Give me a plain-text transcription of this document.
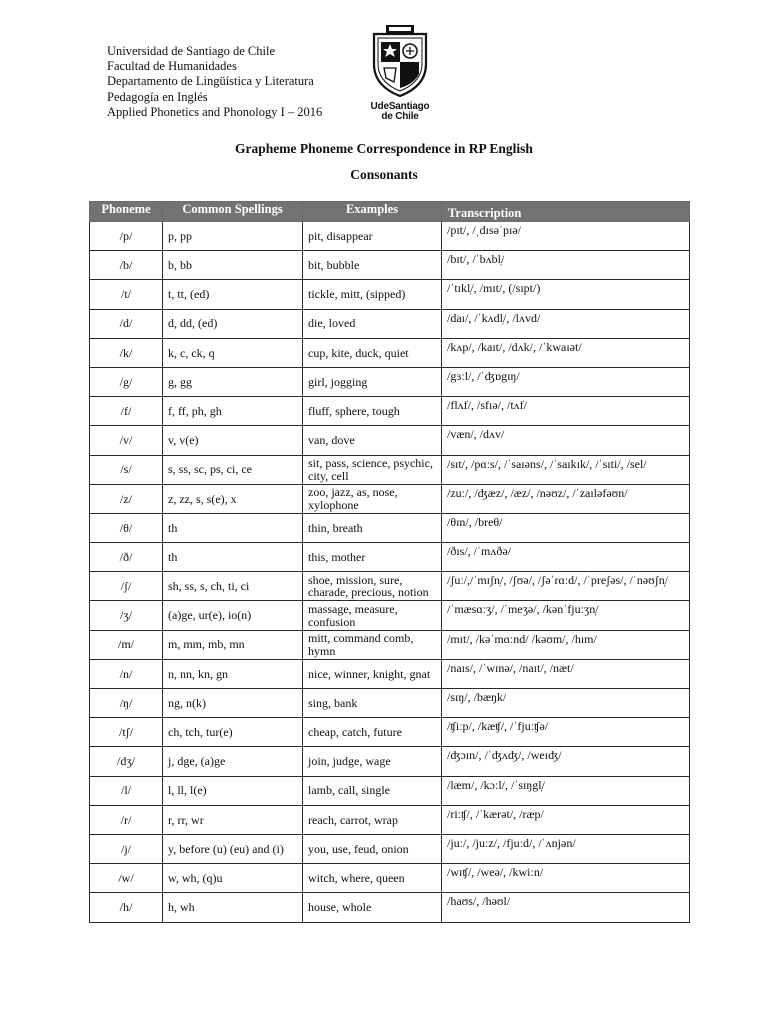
Universidad de Santiago de Chile
Facultad de Humanidades
Departamento de Lingüística y Literatura
Pedagogía en Inglés
Applied Phonetics and Phonology I – 2016	UdeSantiago
de Chile
Grapheme Phoneme Correspondence in RP English
Consonants
Phoneme	Common Spellings	Examples	Transcription
/p/	p, pp	pit, disappear	/pɪt/, /ˌdɪsəˈpɪə/
/b/	b, bb	bit, bubble	/bɪt/, /ˈbʌbl̩/
/t/	t, tt, (ed)	tickle, mitt, (sipped)	/ˈtɪkl̩/, /mɪt/, (/sɪpt/)
/d/	d, dd, (ed)	die, loved	/daɪ/, /ˈkʌdl̩/, /lʌvd/
/k/	k, c, ck, q	cup, kite, duck, quiet	/kʌp/, /kaɪt/, /dʌk/, /ˈkwaɪət/
/g/	g, gg	girl, jogging	/gɜːl/, /ˈʤɒgɪŋ/
/f/	f, ff, ph, gh	fluff, sphere, tough	/flʌf/, /sfɪə/, /tʌf/
/v/	v, v(e)	van, dove	/væn/, /dʌv/
/s/	s, ss, sc, ps, ci, ce	sit, pass, science, psychic, city, cell	/sɪt/, /pɑːs/, /ˈsaɪəns/, /ˈsaɪkɪk/, /ˈsɪti/, /sel/
/z/	z, zz, s, s(e), x	zoo, jazz, as, nose, xylophone	/zuː/, /ʤæz/, /æz/, /nəʊz/, /ˈzaɪləfəʊn/
/θ/	th	thin, breath	/θɪn/, /breθ/
/ð/	th	this, mother	/ðɪs/, /ˈmʌðə/
/ʃ/	sh, ss, s, ch, ti, ci	shoe, mission, sure, charade, precious, notion	/ʃuː/,/ˈmɪʃn̩/, /ʃʊə/, /ʃəˈrɑːd/, /ˈpreʃəs/, /ˈnəʊʃn̩/
/ʒ/	(a)ge, ur(e), io(n)	massage, measure, confusion	/ˈmæsɑːʒ/, /ˈmeʒə/, /kənˈfjuːʒn̩/
/m/	m, mm, mb, mn	mitt, command comb, hymn	/mɪt/, /kəˈmɑːnd/ /kəʊm/, /hɪm/
/n/	n, nn, kn, gn	nice, winner, knight, gnat	/naɪs/, /ˈwɪnə/, /naɪt/, /næt/
/ŋ/	ng, n(k)	sing, bank	/sɪŋ/, /bæŋk/
/tʃ/	ch, tch, tur(e)	cheap, catch, future	/ʧiːp/, /kæʧ/, /ˈfjuːʧə/
/dʒ/	j, dge, (a)ge	join, judge, wage	/ʤɔɪn/, /ˈʤʌʤ/, /weɪʤ/
/l/	l, ll, l(e)	lamb, call, single	/læm/, /kɔːl/, /ˈsɪŋgl̩/
/r/	r, rr, wr	reach, carrot, wrap	/riːʧ/, /ˈkærət/, /ræp/
/j/	y, before (u) (eu) and (i)	you, use, feud, onion	/juː/, /juːz/, /fjuːd/, /ˈʌnjən/
/w/	w, wh, (q)u	witch, where, queen	/wɪʧ/, /weə/, /kwiːn/
/h/	h, wh	house, whole	/haʊs/, /həʊl/
